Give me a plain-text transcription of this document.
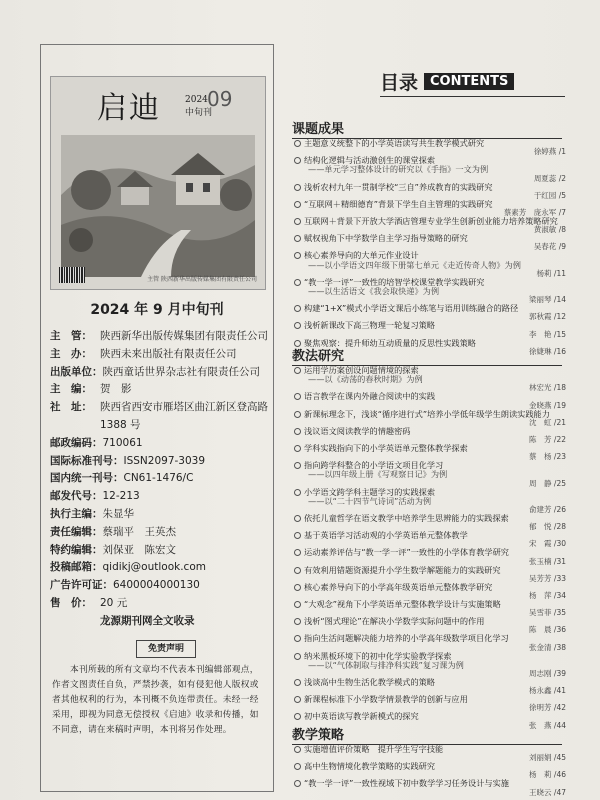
启迪	2024
中旬刊
09
主管 陕西新华出版传媒集团有限责任公司
2024 年 9 月中旬刊
主　管： 陕西新华出版传媒集团有限责任公司
主　办： 陕西未来出版社有限责任公司
出版单位： 陕西童话世界杂志社有限责任公司
主　编： 贺　影
社　址： 陕西省西安市雁塔区曲江新区登高路 1388 号
邮政编码： 710061
国际标准刊号： ISSN2097-3039
国内统一刊号： CN61-1476/C
邮发代号： 12-213
执行主编： 朱显华
责任编辑： 蔡瑞平　王英杰
特约编辑： 刘保亚　陈宏文
投稿邮箱： qidikj@outlook.com
广告许可证： 6400004000130
售　价： 20 元
龙源期刊网全文收录
免责声明
本刊所载的所有文章均不代表本刊编辑部观点，作者文图责任自负，严禁抄袭，如有侵犯他人版权或者其他权利的行为，本刊概不负连带责任。未经一经采用，即视为同意无偿授权《启迪》收录和传播，如不同意，请在来稿时声明，本刊将另作处理。
目录 CONTENTS
课题成果
主题意义统整下的小学英语读写共生教学模式研究
徐婷燕 /1
结构化逻辑与活动激创生的课堂探索
——单元学习整体设计的研究以《手指》一文为例
周夏蕊 /2
浅析农村九年一贯制学校“三自”养成教育的实践研究
于红园 /5
“互联网＋精细德育”背景下学生自主管理的实践研究
蔡素芳　庞永军 /7
互联网＋背景下开放大学酒店管理专业学生创新创业能力培养策略研究
黄淑敏 /8
赋权视角下中学数学自主学习指导策略的研究
吴春花 /9
核心素养导向的大单元作业设计
——以小学语文四年级下册第七单元《走近传奇人物》为例
杨莉 /11
“教一学一评”一致性的培智学校课堂教学实践研究
——以生活语文《我会取快递》为例
梁丽琴 /14
构建“1+X”模式小学语文课后小练笔与语用训练融合的路径
郭秋霞 /12
浅析新课改下高三物理一轮复习策略
李　艳 /15
聚焦观察：提升师幼互动质量的反思性实践策略
徐婕琳 /16
教法研究
运用学历案创设问题情境的探索
——以《动荡的春秋时期》为例
林宏光 /18
语言教学在课内外融合阅读中的实践
金晓燕 /19
新课标理念下，浅谈“循序进行式”培养小学低年级学生朗读实践能力
沈　虹 /21
浅议语文阅读教学的情趣密码
陈　芳 /22
学科实践指向下的小学英语单元整体教学探索
蔡　杨 /23
指向跨学科整合的小学语文项目化学习
——以四年级上册《写观察日记》为例
周　静 /25
小学语文跨学科主题学习的实践探索
——以“二十四节气诗词”活动为例
俞建芳 /26
依托儿童哲学在语文教学中培养学生思辨能力的实践探索
郁　悦 /28
基于英语学习活动观的小学英语单元整体教学
宋　霞 /30
运动素养评估与“教一学一评”一致性的小学体育教学研究
张玉楠 /31
有效利用错题资源提升小学生数学解题能力的实践研究
吴芳芳 /33
核心素养导向下的小学高年级英语单元整体教学研究
杨　萍 /34
“大观念”视角下小学英语单元整体教学设计与实施策略
吴雪菲 /35
浅析“图式理论”在解决小学数学实际问题中的作用
陈　晨 /36
指向生活问题解决能力培养的小学高年级数学项目化学习
张金清 /38
纳米黑板环境下的初中化学实验教学探索
——以“气体制取与排净科实践”复习课为例
周志刚 /39
浅谈高中生物生活化教学模式的策略
杨永鑫 /41
新课程标准下小学数学情景教学的创新与应用
徐明芳 /42
初中英语读写教学新模式的探究
张　燕 /44
教学策略
实施增值评价策略　提升学生写字技能
刘丽娟 /45
高中生物情境化教学策略的实践研究
杨　莉 /46
“教一学一评”一致性视域下初中数学学习任务设计与实施
王晓云 /47
